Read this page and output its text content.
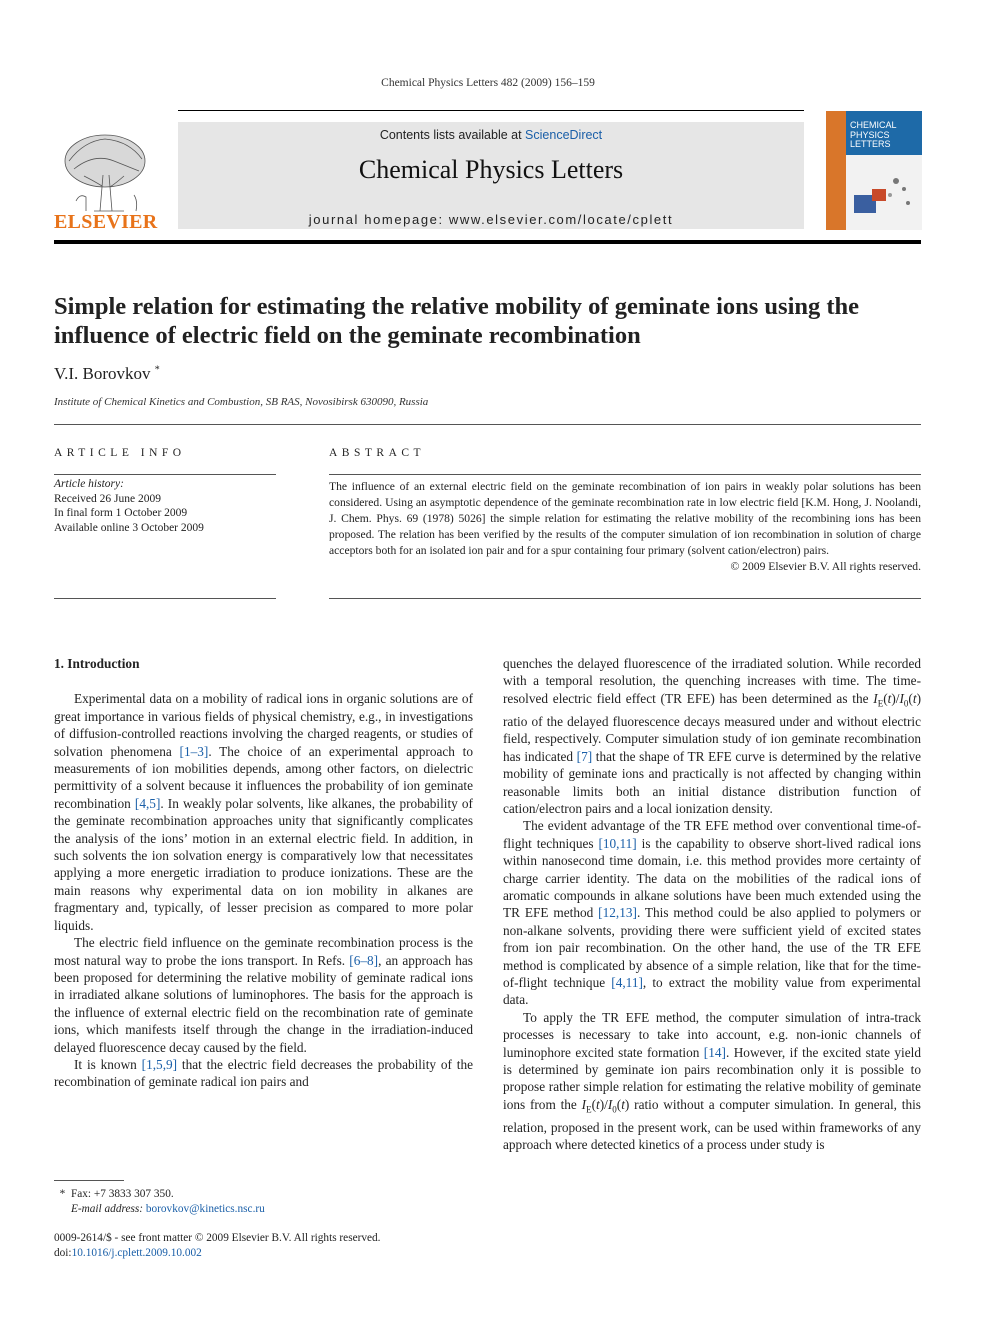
Chemical Physics Letters 482 (2009) 156–159
ELSEVIER
Contents lists available at ScienceDirect
Chemical Physics Letters
journal homepage: www.elsevier.com/locate/cplett
CHEMICAL
PHYSICS
LETTERS
Simple relation for estimating the relative mobility of geminate ions using the influence of electric field on the geminate recombination
V.I. Borovkov *
Institute of Chemical Kinetics and Combustion, SB RAS, Novosibirsk 630090, Russia
ARTICLE INFO	ABSTRACT
Article history:
Received 26 June 2009
In final form 1 October 2009
Available online 3 October 2009
The influence of an external electric field on the geminate recombination of ion pairs in weakly polar solutions has been considered. Using an asymptotic dependence of the geminate recombination rate in low electric field [K.M. Hong, J. Noolandi, J. Chem. Phys. 69 (1978) 5026] the simple relation for estimating the relative mobility of the recombining ions has been proposed. The relation has been verified by the results of the computer simulation of ion recombination in solution of charge acceptors both for an isolated ion pair and for a spur containing four primary (solvent cation/electron) pairs.
© 2009 Elsevier B.V. All rights reserved.
1. Introduction

Experimental data on a mobility of radical ions in organic solutions are of great importance in various fields of physical chemistry, e.g., in investigations of diffusion-controlled reactions involving the charged reagents, or studies of solvation phenomena [1–3]. The choice of an experimental approach to measurements of ion mobilities depends, among other factors, on dielectric permittivity of a solvent because it influences the probability of ion geminate recombination [4,5]. In weakly polar solvents, like alkanes, the probability of the geminate recombination approaches unity that significantly complicates the analysis of the ions’ motion in an external electric field. In addition, in such solvents the ion solvation energy is comparatively low that necessitates applying a more energetic irradiation to produce ionizations. These are the main reasons why experimental data on ion mobility in alkanes are fragmentary and, typically, of lesser precision as compared to more polar liquids.

The electric field influence on the geminate recombination process is the most natural way to probe the ions transport. In Refs. [6–8], an approach has been proposed for determining the relative mobility of geminate radical ions in irradiated alkane solutions of luminophores. The basis for the approach is the influence of external electric field on the recombination rate of geminate ions, which manifests itself through the change in the irradiation-induced delayed fluorescence decay caused by the field.

It is known [1,5,9] that the electric field decreases the probability of the recombination of geminate radical ion pairs and

quenches the delayed fluorescence of the irradiated solution. While recorded with a temporal resolution, the quenching increases with time. The time-resolved electric field effect (TR EFE) has been determined as the $I_E(t)/I_0(t)$ ratio of the delayed fluorescence decays measured under and without electric field, respectively. Computer simulation study of ion geminate recombination has indicated [7] that the shape of TR EFE curve is determined by the relative mobility of geminate ions and practically is not affected by changing within reasonable limits both an initial distance distribution function of cation/electron pairs and a local ionization density.

The evident advantage of the TR EFE method over conventional time-of-flight techniques [10,11] is the capability to observe short-lived radical ions within nanosecond time domain, i.e. this method provides more certainty of charge carrier identity. The data on the mobilities of the radical ions of aromatic compounds in alkane solutions have been much extended using the TR EFE method [12,13]. This method could be also applied to polymers or non-alkane solvents, providing there were sufficient yield of excited states from ion pair recombination. On the other hand, the use of the TR EFE method is complicated by absence of a simple relation, like that for the time-of-flight technique [4,11], to extract the mobility value from experimental data.

To apply the TR EFE method, the computer simulation of intra-track processes is necessary to take into account, e.g. non-ionic channels of luminophore excited state formation [14]. However, if the excited state yield is determined by geminate ion pairs recombination only it is possible to propose rather simple relation for estimating the relative mobility of geminate ions from the $I_E(t)/I_0(t)$ ratio without a computer simulation. In general, this relation, proposed in the present work, can be used within frameworks of any approach where detected kinetics of a process under study is

* Fax: +7 3833 307 350.
E-mail address: borovkov@kinetics.nsc.ru
0009-2614/$ - see front matter © 2009 Elsevier B.V. All rights reserved.
doi:10.1016/j.cplett.2009.10.002
